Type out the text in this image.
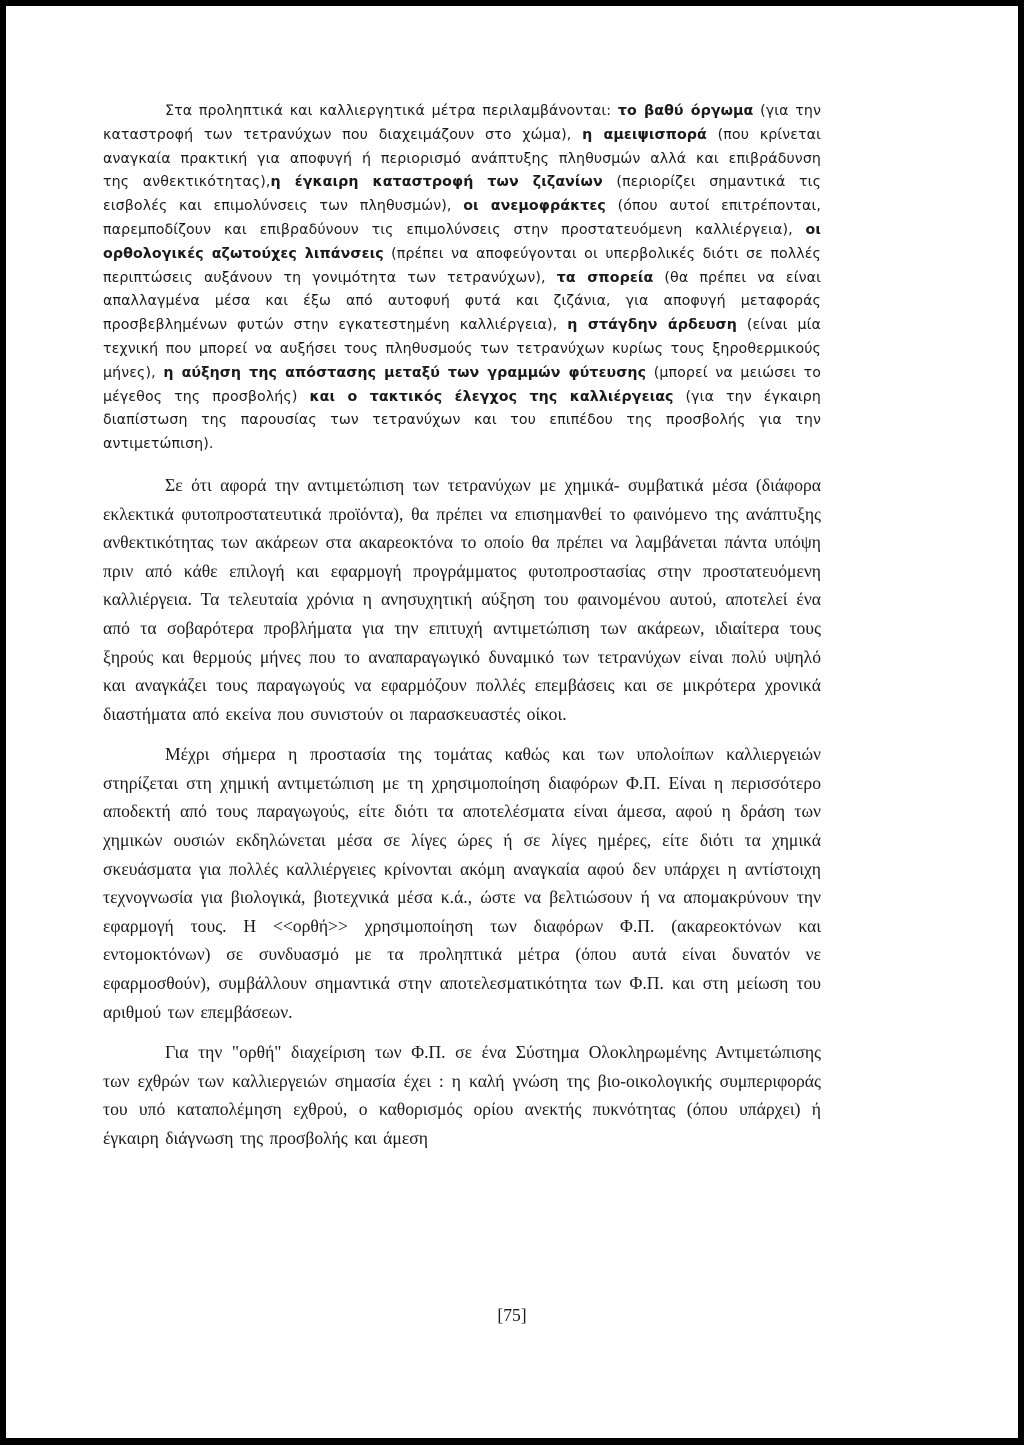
Στα προληπτικά και καλλιεργητικά μέτρα περιλαμβάνονται: το βαθύ όργωμα (για την καταστροφή των τετρανύχων που διαχειμάζουν στο χώμα), η αμειψισπορά (που κρίνεται αναγκαία πρακτική για αποφυγή ή περιορισμό ανάπτυξης πληθυσμών αλλά και επιβράδυνση της ανθεκτικότητας),η έγκαιρη καταστροφή των ζιζανίων (περιορίζει σημαντικά τις εισβολές και επιμολύνσεις των πληθυσμών), οι ανεμοφράκτες (όπου αυτοί επιτρέπονται, παρεμποδίζουν και επιβραδύνουν τις επιμολύνσεις στην προστατευόμενη καλλιέργεια), οι ορθολογικές αζωτούχες λιπάνσεις (πρέπει να αποφεύγονται οι υπερβολικές διότι σε πολλές περιπτώσεις αυξάνουν τη γονιμότητα των τετρανύχων), τα σπορεία (θα πρέπει να είναι απαλλαγμένα μέσα και έξω από αυτοφυή φυτά και ζιζάνια, για αποφυγή μεταφοράς προσβεβλημένων φυτών στην εγκατεστημένη καλλιέργεια), η στάγδην άρδευση (είναι μία τεχνική που μπορεί να αυξήσει τους πληθυσμούς των τετρανύχων κυρίως τους ξηροθερμικούς μήνες), η αύξηση της απόστασης μεταξύ των γραμμών φύτευσης (μπορεί να μειώσει το μέγεθος της προσβολής) και ο τακτικός έλεγχος της καλλιέργειας (για την έγκαιρη διαπίστωση της παρουσίας των τετρανύχων και του επιπέδου της προσβολής για την αντιμετώπιση).

Σε ότι αφορά την αντιμετώπιση των τετρανύχων με χημικά- συμβατικά μέσα (διάφορα εκλεκτικά φυτοπροστατευτικά προϊόντα), θα πρέπει να επισημανθεί το φαινόμενο της ανάπτυξης ανθεκτικότητας των ακάρεων στα ακαρεοκτόνα το οποίο θα πρέπει να λαμβάνεται πάντα υπόψη πριν από κάθε επιλογή και εφαρμογή προγράμματος φυτοπροστασίας στην προστατευόμενη καλλιέργεια. Τα τελευταία χρόνια η ανησυχητική αύξηση του φαινομένου αυτού, αποτελεί ένα από τα σοβαρότερα προβλήματα για την επιτυχή αντιμετώπιση των ακάρεων, ιδιαίτερα τους ξηρούς και θερμούς μήνες που το αναπαραγωγικό δυναμικό των τετρανύχων είναι πολύ υψηλό και αναγκάζει τους παραγωγούς να εφαρμόζουν πολλές επεμβάσεις και σε μικρότερα χρονικά διαστήματα από εκείνα που συνιστούν οι παρασκευαστές οίκοι.

Μέχρι σήμερα η προστασία της τομάτας καθώς και των υπολοίπων καλλιεργειών στηρίζεται στη χημική αντιμετώπιση με τη χρησιμοποίηση διαφόρων Φ.Π. Είναι η περισσότερο αποδεκτή από τους παραγωγούς, είτε διότι τα αποτελέσματα είναι άμεσα, αφού η δράση των χημικών ουσιών εκδηλώνεται μέσα σε λίγες ώρες ή σε λίγες ημέρες, είτε διότι τα χημικά σκευάσματα για πολλές καλλιέργειες κρίνονται ακόμη αναγκαία αφού δεν υπάρχει η αντίστοιχη τεχνογνωσία για βιολογικά, βιοτεχνικά μέσα κ.ά., ώστε να βελτιώσουν ή να απομακρύνουν την εφαρμογή τους. Η <<ορθή>> χρησιμοποίηση των διαφόρων Φ.Π. (ακαρεοκτόνων και εντομοκτόνων) σε συνδυασμό με τα προληπτικά μέτρα (όπου αυτά είναι δυνατόν νε εφαρμοσθούν), συμβάλλουν σημαντικά στην αποτελεσματικότητα των Φ.Π. και στη μείωση του αριθμού των επεμβάσεων.

Για την "ορθή" διαχείριση των Φ.Π. σε ένα Σύστημα Ολοκληρωμένης Αντιμετώπισης των εχθρών των καλλιεργειών σημασία έχει : η καλή γνώση της βιο-οικολογικής συμπεριφοράς του υπό καταπολέμηση εχθρού, ο καθορισμός ορίου ανεκτής πυκνότητας (όπου υπάρχει) ή έγκαιρη διάγνωση της προσβολής και άμεση

[75]
